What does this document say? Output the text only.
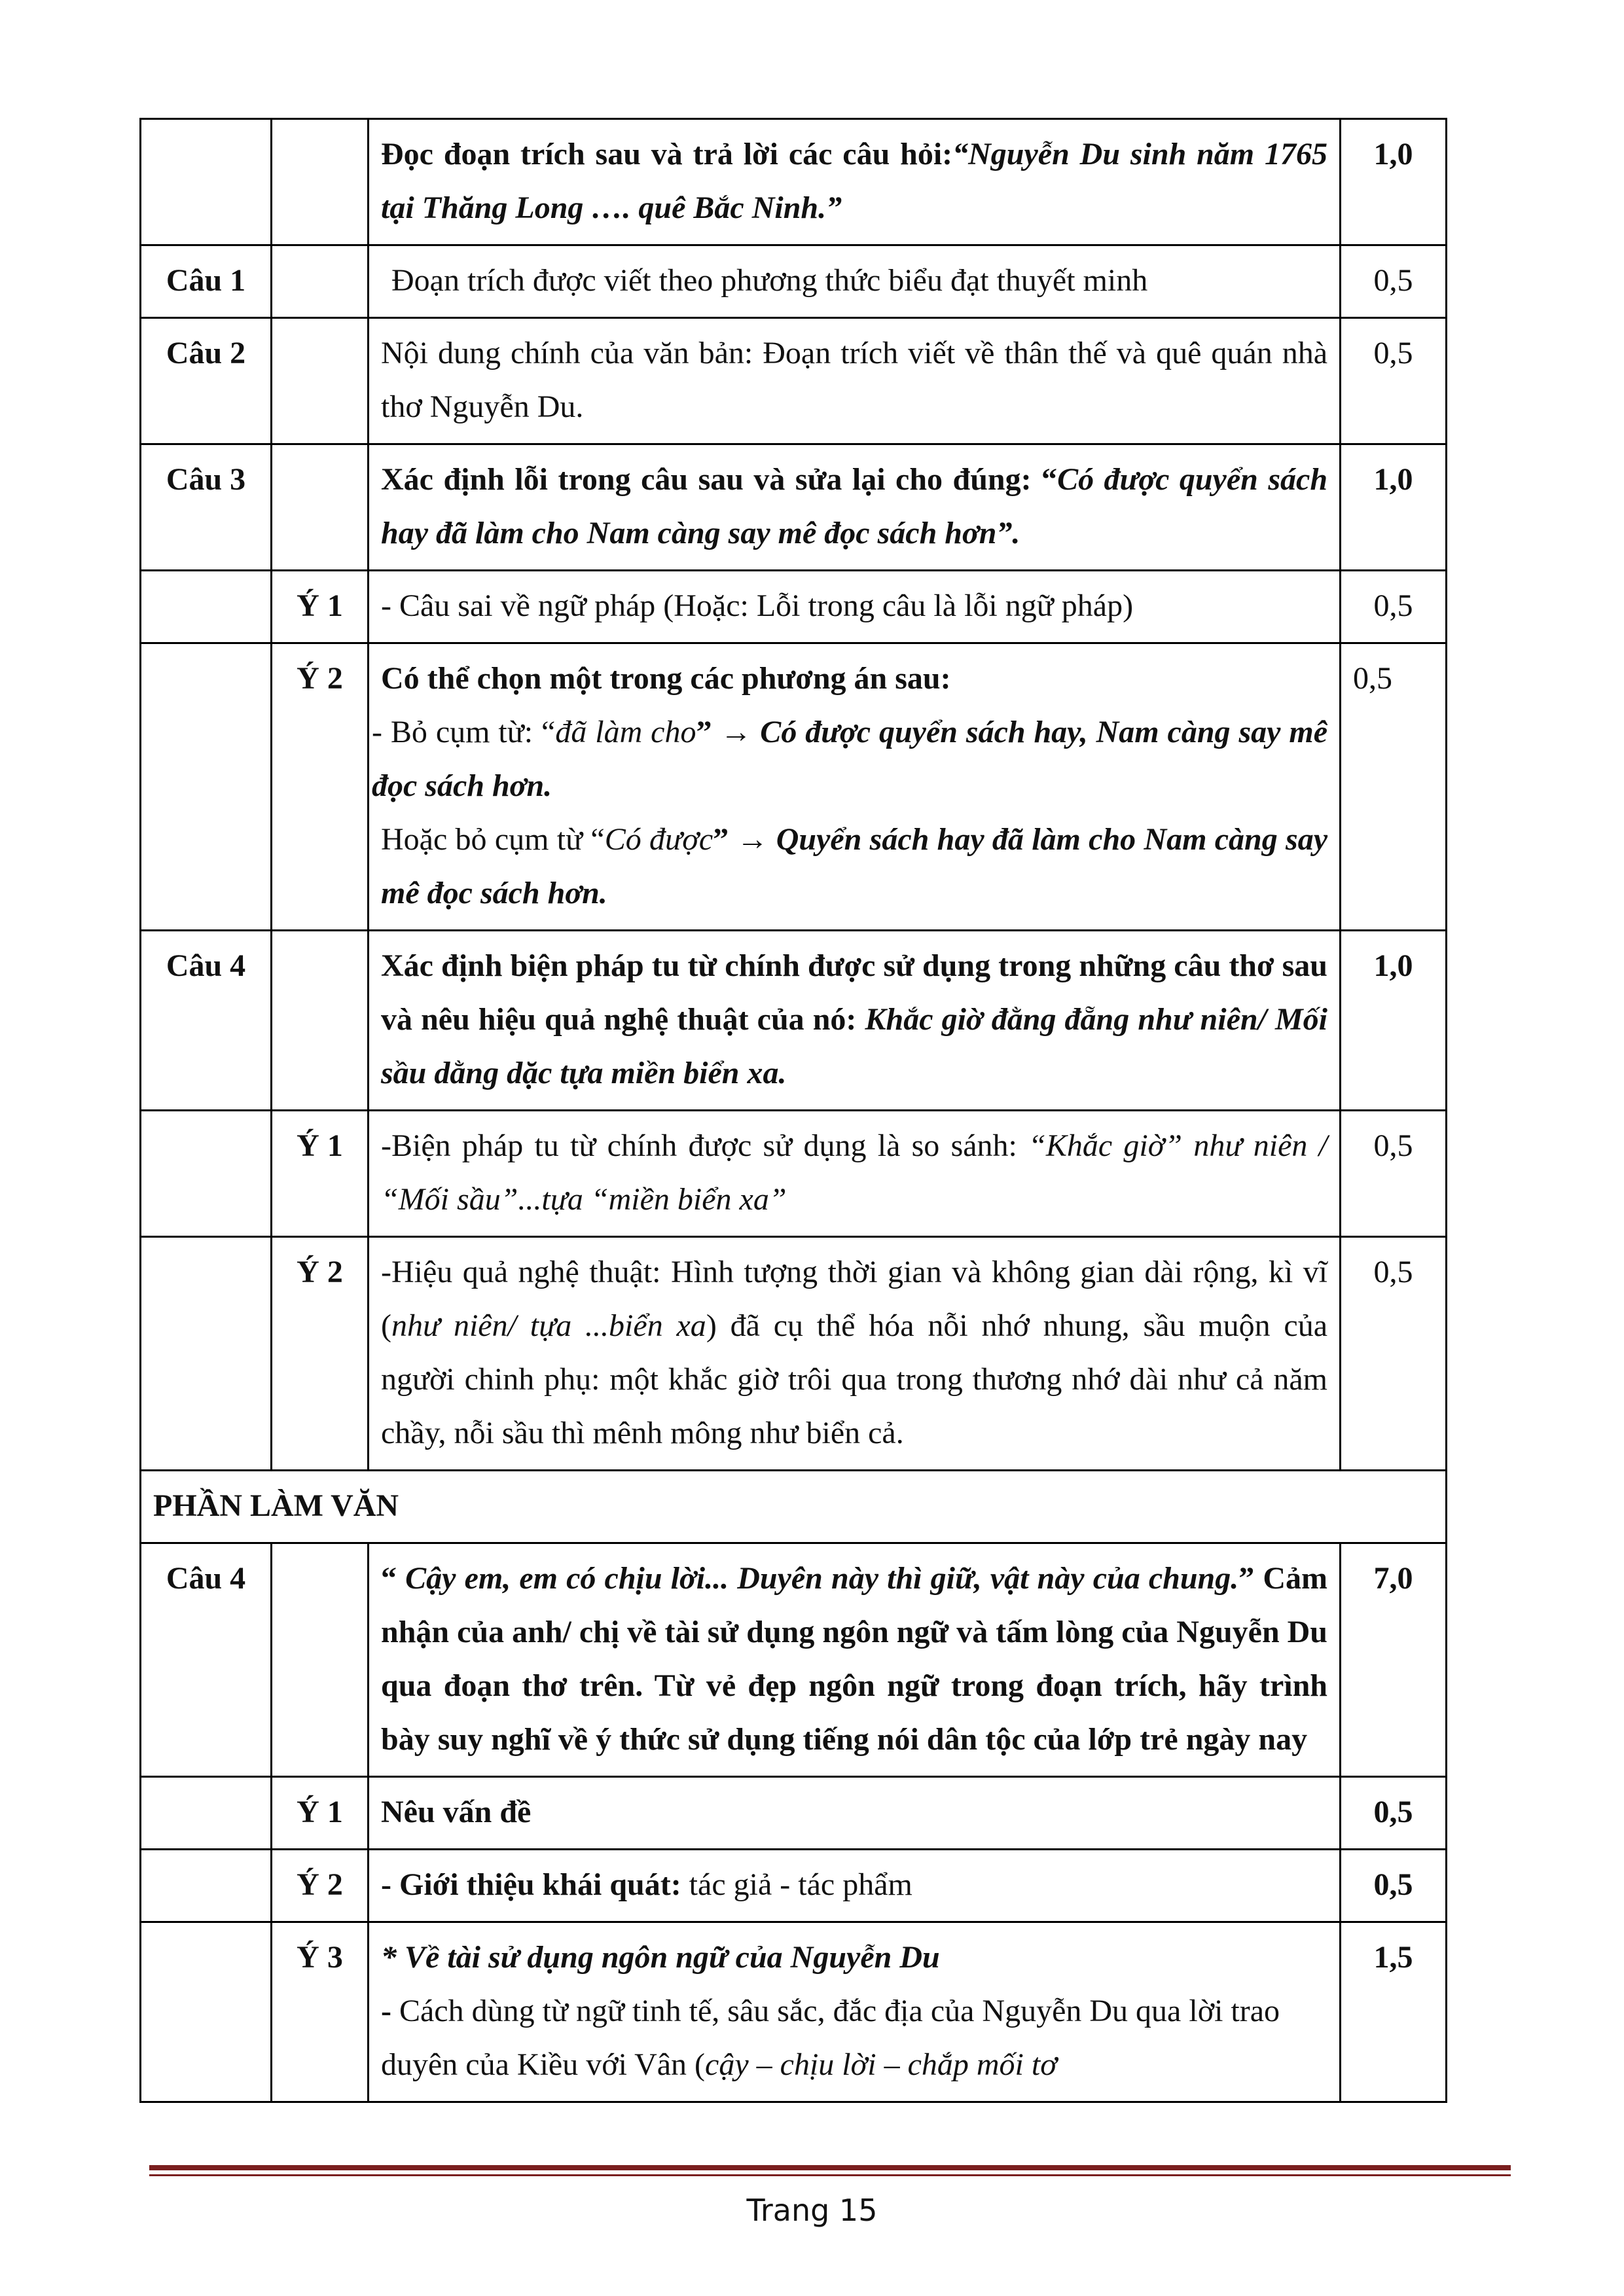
		Đọc đoạn trích sau và trả lời các câu hỏi:“Nguyễn Du sinh năm 1765 tại Thăng Long …. quê Bắc Ninh.”	1,0
Câu 1		Đoạn trích được viết theo phương thức biểu đạt thuyết minh	0,5
Câu 2		Nội dung chính của văn bản: Đoạn trích viết về thân thế và quê quán nhà thơ Nguyễn Du.	0,5
Câu 3		Xác định lỗi trong câu sau và sửa lại cho đúng: “Có được quyển sách hay đã làm cho Nam càng say mê đọc sách hơn”.	1,0
	Ý 1	- Câu sai về ngữ pháp (Hoặc: Lỗi trong câu là lỗi ngữ pháp)	0,5
	Ý 2	Có thể chọn một trong các phương án sau:
- Bỏ cụm từ: “đã làm cho” → Có được quyển sách hay, Nam càng say mê đọc sách hơn.
Hoặc bỏ cụm từ “Có được” → Quyển sách hay đã làm cho Nam càng say mê đọc sách hơn.	0,5
Câu 4		Xác định biện pháp tu từ chính được sử dụng trong những câu thơ sau và nêu hiệu quả nghệ thuật của nó: Khắc giờ đằng đẵng như niên/ Mối sầu dằng dặc tựa miền biển xa.	1,0
	Ý 1	-Biện pháp tu từ chính được sử dụng là so sánh: “Khắc giờ” như niên / “Mối sầu”...tựa “miền biển xa”	0,5
	Ý 2	-Hiệu quả nghệ thuật: Hình tượng thời gian và không gian dài rộng, kì vĩ (như niên/ tựa ...biển xa) đã cụ thể hóa nỗi nhớ nhung, sầu muộn của người chinh phụ: một khắc giờ trôi qua trong thương nhớ dài như cả năm chầy, nỗi sầu thì mênh mông như biển cả.	0,5
PHẦN LÀM VĂN			
Câu 4		“ Cậy em, em có chịu lời... Duyên này thì giữ, vật này của chung.” Cảm nhận của anh/ chị về tài sử dụng ngôn ngữ và tấm lòng của Nguyễn Du qua đoạn thơ trên. Từ vẻ đẹp ngôn ngữ trong đoạn trích, hãy trình bày suy nghĩ về ý thức sử dụng tiếng nói dân tộc của lớp trẻ ngày nay	7,0
	Ý 1	Nêu vấn đề	0,5
	Ý 2	- Giới thiệu khái quát: tác giả - tác phẩm	0,5
	Ý 3	* Về tài sử dụng ngôn ngữ của Nguyễn Du
- Cách dùng từ ngữ tinh tế, sâu sắc, đắc địa của Nguyễn Du qua lời trao duyên của Kiều với Vân (cậy – chịu lời – chắp mối tơ	1,5
Trang 15
